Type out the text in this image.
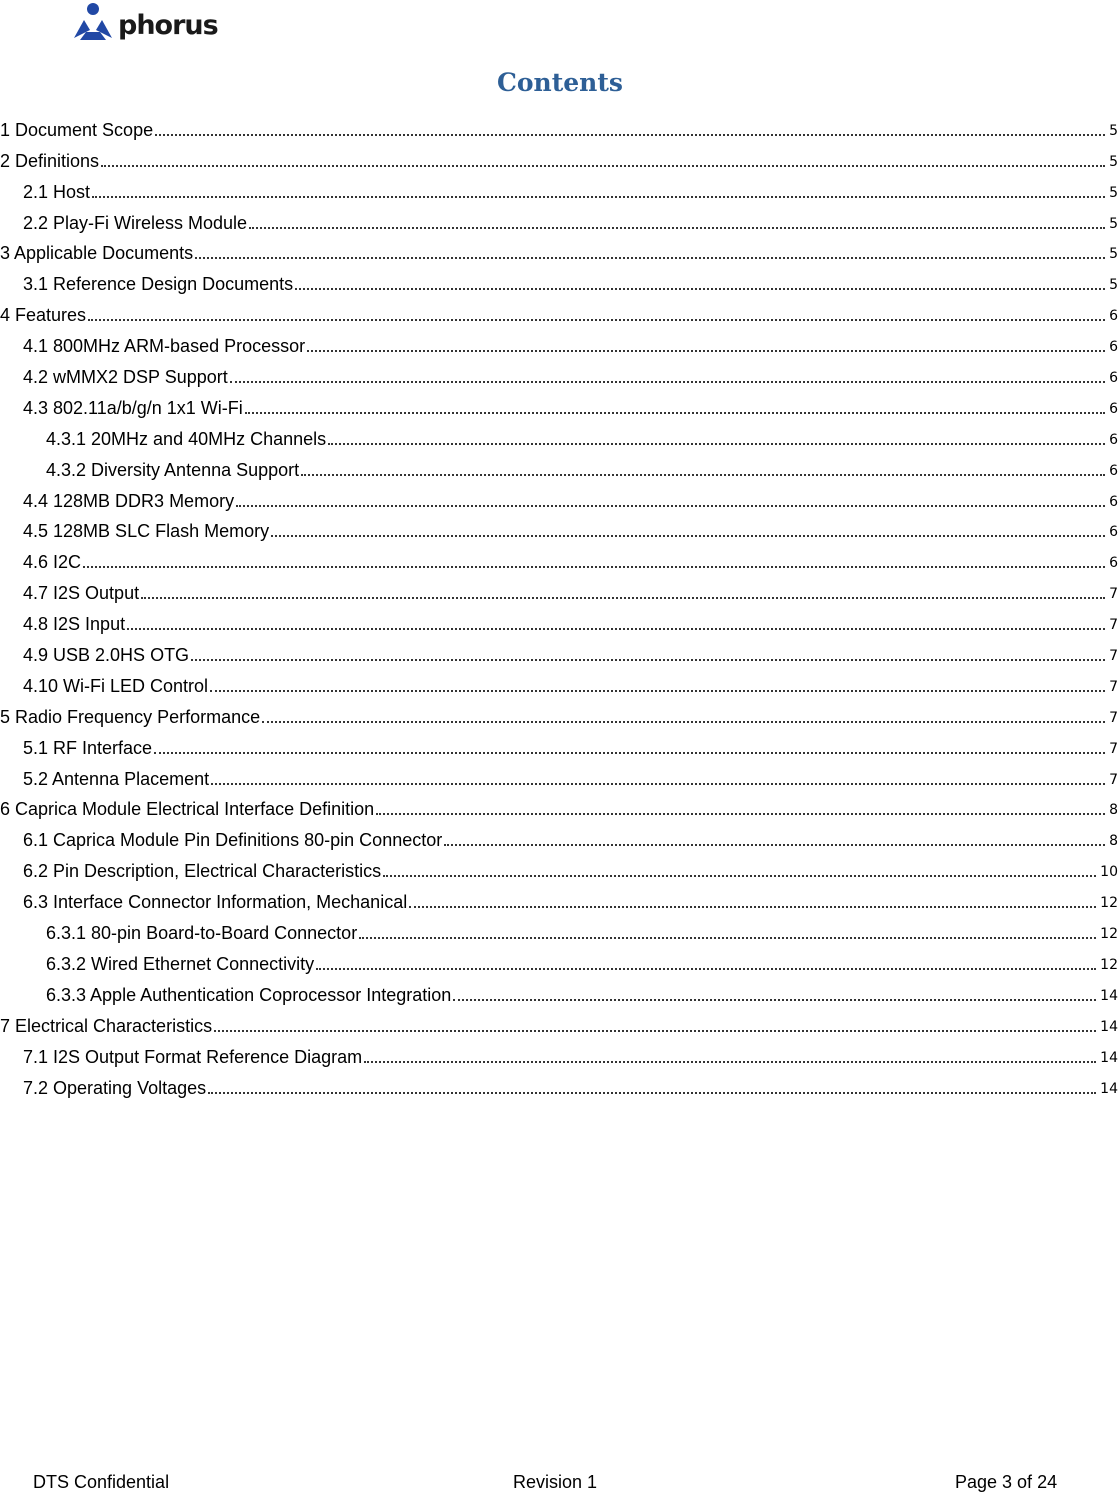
phorus
Contents
1 Document Scope	5
2 Definitions	5
2.1 Host	5
2.2 Play-Fi Wireless Module	5
3 Applicable Documents	5
3.1 Reference Design Documents	5
4 Features	6
4.1 800MHz ARM-based Processor	6
4.2 wMMX2 DSP Support	6
4.3 802.11a/b/g/n 1x1 Wi-Fi	6
4.3.1 20MHz and 40MHz Channels	6
4.3.2 Diversity Antenna Support	6
4.4 128MB DDR3 Memory	6
4.5 128MB SLC Flash Memory	6
4.6 I2C	6
4.7 I2S Output	7
4.8 I2S Input	7
4.9 USB 2.0HS OTG	7
4.10 Wi-Fi LED Control	7
5 Radio Frequency Performance	7
5.1 RF Interface	7
5.2 Antenna Placement	7
6 Caprica Module Electrical Interface Definition	8
6.1 Caprica Module Pin Definitions 80-pin Connector	8
6.2 Pin Description, Electrical Characteristics	10
6.3 Interface Connector Information, Mechanical	12
6.3.1 80-pin Board-to-Board Connector	12
6.3.2 Wired Ethernet Connectivity	12
6.3.3 Apple Authentication Coprocessor Integration	14
7 Electrical Characteristics	14
7.1 I2S Output Format Reference Diagram	14
7.2 Operating Voltages	14
DTS Confidential	Revision 1	Page 3 of 24
